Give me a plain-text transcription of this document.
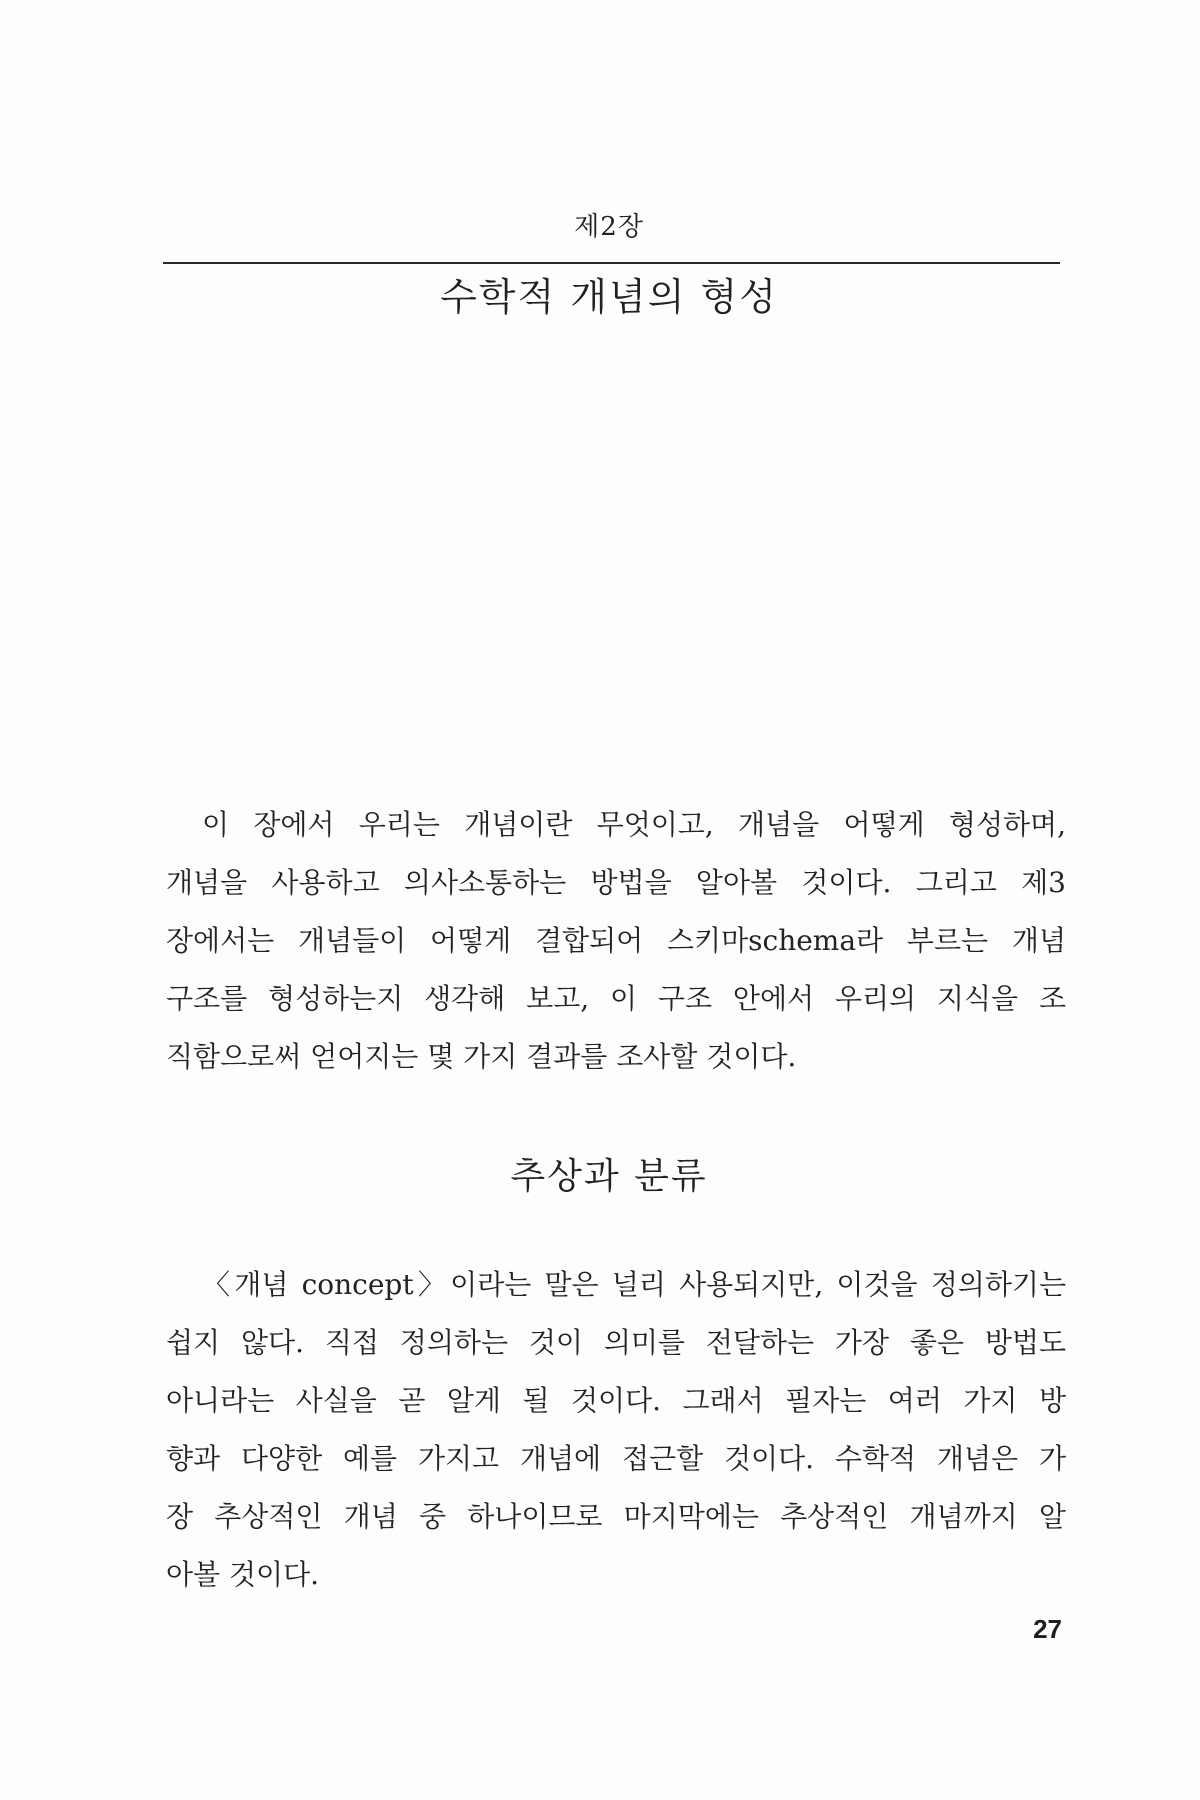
제2장
수학적 개념의 형성
이 장에서 우리는 개념이란 무엇이고, 개념을 어떻게 형성하며,
개념을 사용하고 의사소통하는 방법을 알아볼 것이다. 그리고 제3
장에서는 개념들이 어떻게 결합되어 스키마schema라 부르는 개념
구조를 형성하는지 생각해 보고, 이 구조 안에서 우리의 지식을 조
직함으로써 얻어지는 몇 가지 결과를 조사할 것이다.
추상과 분류
〈개념 concept〉이라는 말은 널리 사용되지만, 이것을 정의하기는
쉽지 않다. 직접 정의하는 것이 의미를 전달하는 가장 좋은 방법도
아니라는 사실을 곧 알게 될 것이다. 그래서 필자는 여러 가지 방
향과 다양한 예를 가지고 개념에 접근할 것이다. 수학적 개념은 가
장 추상적인 개념 중 하나이므로 마지막에는 추상적인 개념까지 알
아볼 것이다.
27
